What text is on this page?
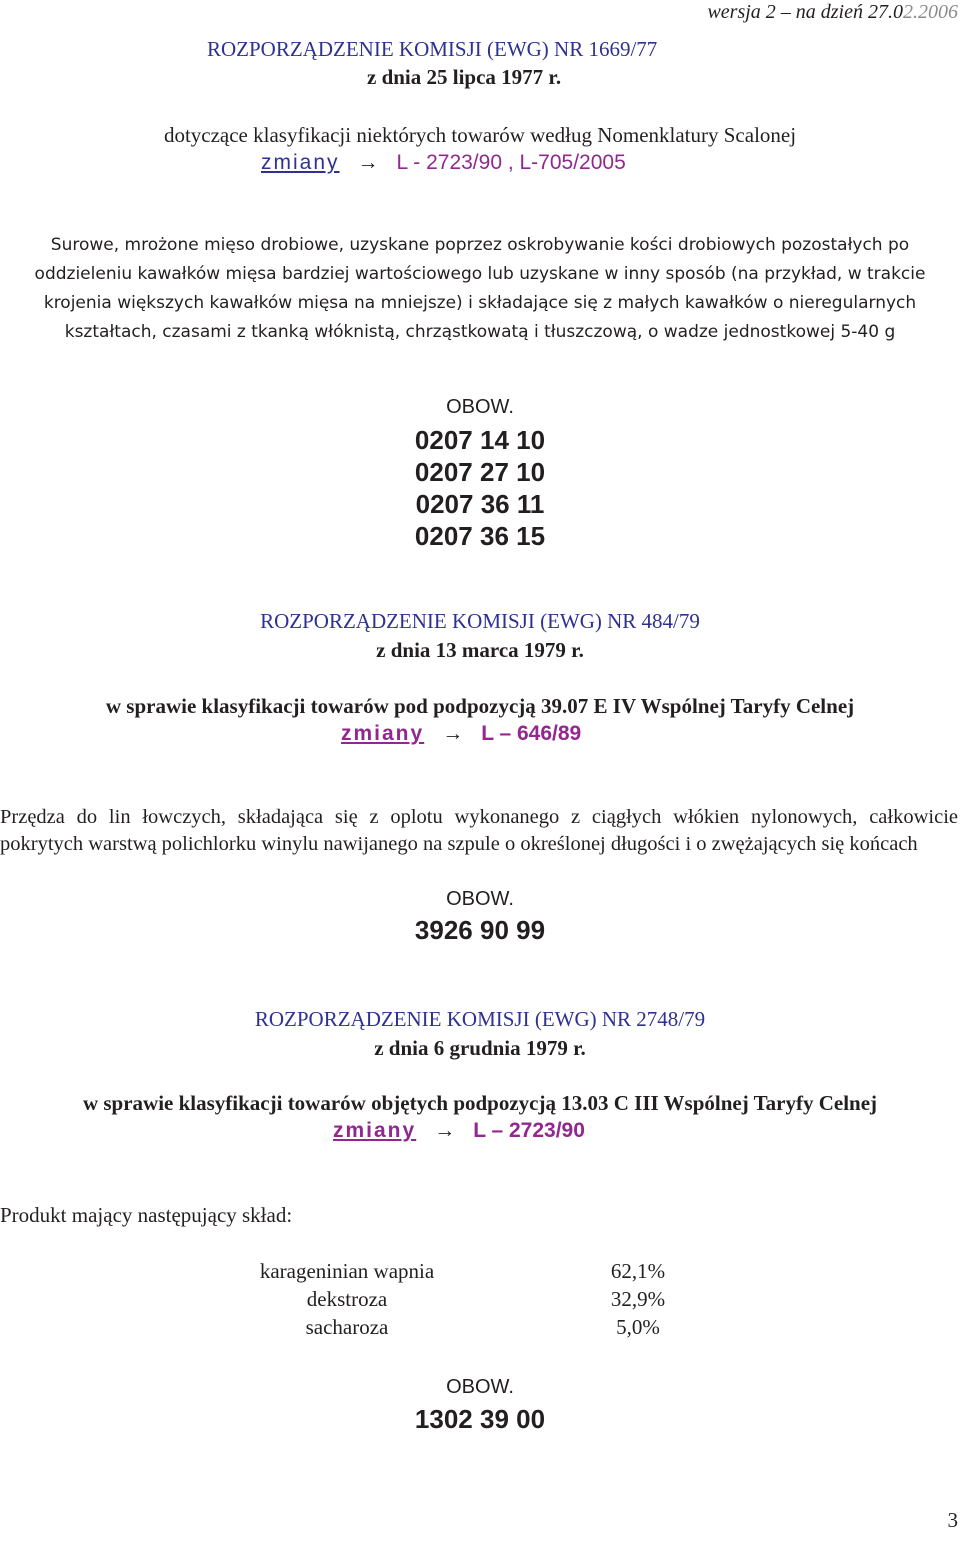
wersja 2 – na dzień 27.02.2006
ROZPORZĄDZENIE KOMISJI (EWG) NR 1669/77
z dnia 25 lipca 1977 r.
dotyczące klasyfikacji niektórych towarów według Nomenklatury Scalonej
zmiany → L - 2723/90 , L-705/2005

Surowe, mrożone mięso drobiowe, uzyskane poprzez oskrobywanie kości drobiowych pozostałych po oddzieleniu kawałków mięsa bardziej wartościowego lub uzyskane w inny sposób (na przykład, w trakcie krojenia większych kawałków mięsa na mniejsze) i składające się z małych kawałków o nieregularnych kształtach, czasami z tkanką włóknistą, chrząstkowatą i tłuszczową, o wadze jednostkowej 5-40 g

OBOW.
0207 14 10
0207 27 10
0207 36 11
0207 36 15
ROZPORZĄDZENIE KOMISJI (EWG) NR 484/79
z dnia 13 marca 1979 r.
w sprawie klasyfikacji towarów pod podpozycją 39.07 E IV Wspólnej Taryfy Celnej
zmiany → L – 646/89

Przędza do lin łowczych, składająca się z oplotu wykonanego z ciągłych włókien nylonowych, całkowicie pokrytych warstwą polichlorku winylu nawijanego na szpule o określonej długości i o zwężających się końcach

OBOW.
3926 90 99
ROZPORZĄDZENIE KOMISJI (EWG) NR 2748/79
z dnia 6 grudnia 1979 r.
w sprawie klasyfikacji towarów objętych podpozycją 13.03 C III Wspólnej Taryfy Celnej
zmiany → L – 2723/90
Produkt mający następujący skład:
karageninian wapnia	62,1%
dekstroza	32,9%
sacharoza	5,0%
OBOW.
1302 39 00
3
